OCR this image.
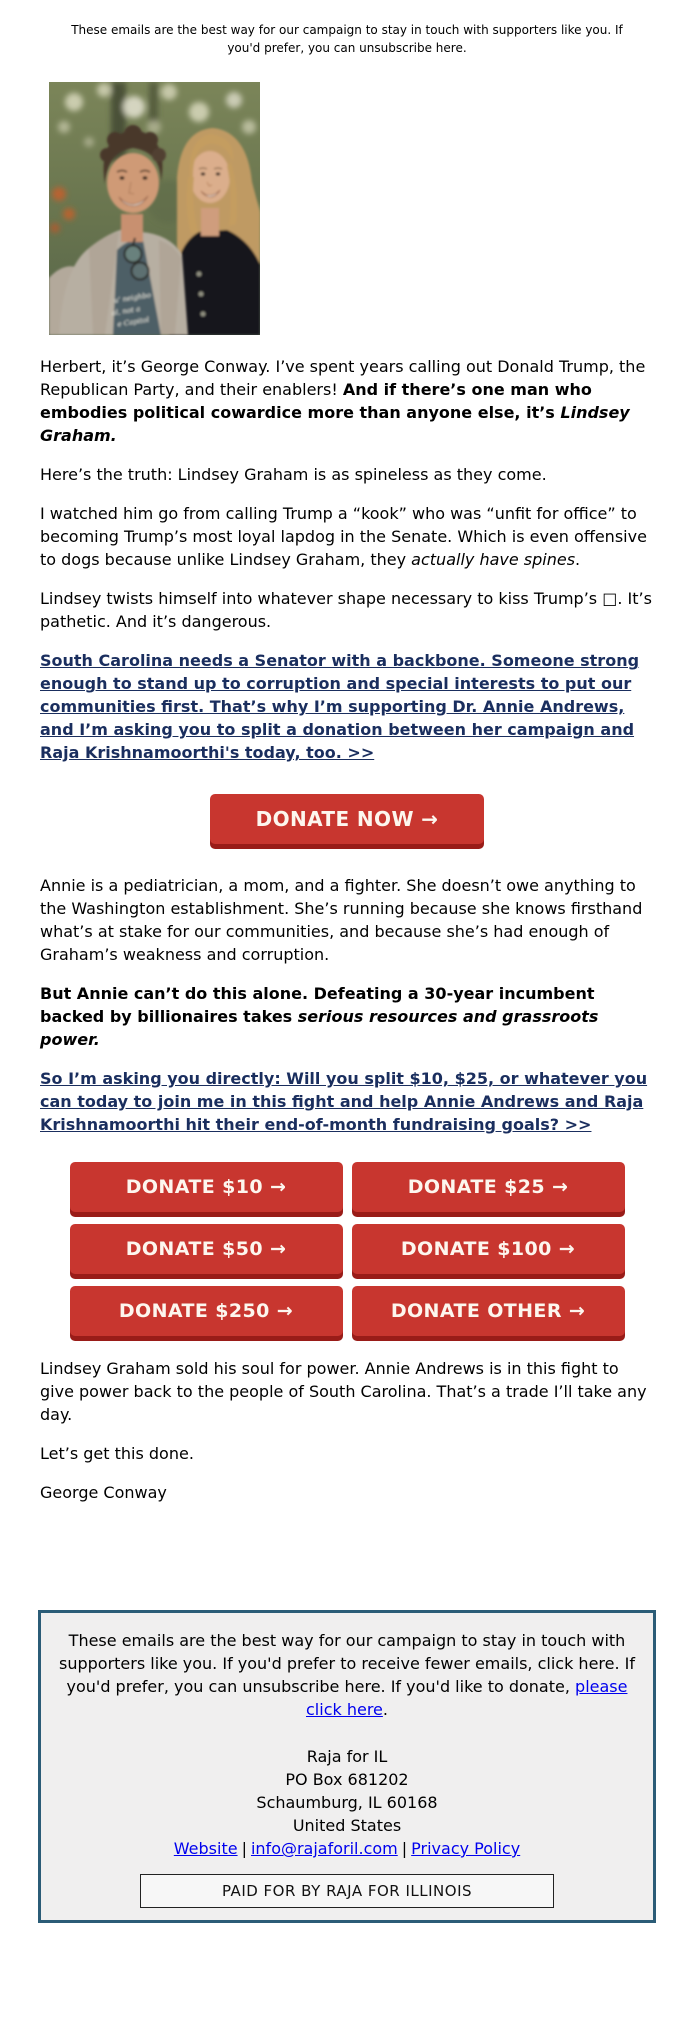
These emails are the best way for our campaign to stay in touch with supporters like you. If you'd prefer, you can unsubscribe here.
u’ neighbo
al, not a
e Capitol

Herbert, it’s George Conway. I’ve spent years calling out Donald Trump, the Republican Party, and their enablers! And if there’s one man who embodies political cowardice more than anyone else, it’s Lindsey Graham.

Here’s the truth: Lindsey Graham is as spineless as they come.

I watched him go from calling Trump a “kook” who was “unfit for office” to becoming Trump’s most loyal lapdog in the Senate. Which is even offensive to dogs because unlike Lindsey Graham, they actually have spines.

Lindsey twists himself into whatever shape necessary to kiss Trump’s □. It’s pathetic. And it’s dangerous.

South Carolina needs a Senator with a backbone. Someone strong enough to stand up to corruption and special interests to put our communities first. That’s why I’m supporting Dr. Annie Andrews, and I’m asking you to split a donation between her campaign and Raja Krishnamoorthi's today, too. >>
DONATE NOW →

Annie is a pediatrician, a mom, and a fighter. She doesn’t owe anything to the Washington establishment. She’s running because she knows firsthand what’s at stake for our communities, and because she’s had enough of Graham’s weakness and corruption.

But Annie can’t do this alone. Defeating a 30-year incumbent backed by billionaires takes serious resources and grassroots power.

So I’m asking you directly: Will you split $10, $25, or whatever you can today to join me in this fight and help Annie Andrews and Raja Krishnamoorthi hit their end-of-month fundraising goals? >>
DONATE $10 →	DONATE $25 →
DONATE $50 →	DONATE $100 →
DONATE $250 →	DONATE OTHER →

Lindsey Graham sold his soul for power. Annie Andrews is in this fight to give power back to the people of South Carolina. That’s a trade I’ll take any day.

Let’s get this done.

George Conway

These emails are the best way for our campaign to stay in touch with supporters like you. If you'd prefer to receive fewer emails, click here. If you'd prefer, you can unsubscribe here. If you'd like to donate, please click here.
Raja for IL
PO Box 681202
Schaumburg, IL 60168
United States
Website | info@rajaforil.com | Privacy Policy
PAID FOR BY RAJA FOR ILLINOIS
